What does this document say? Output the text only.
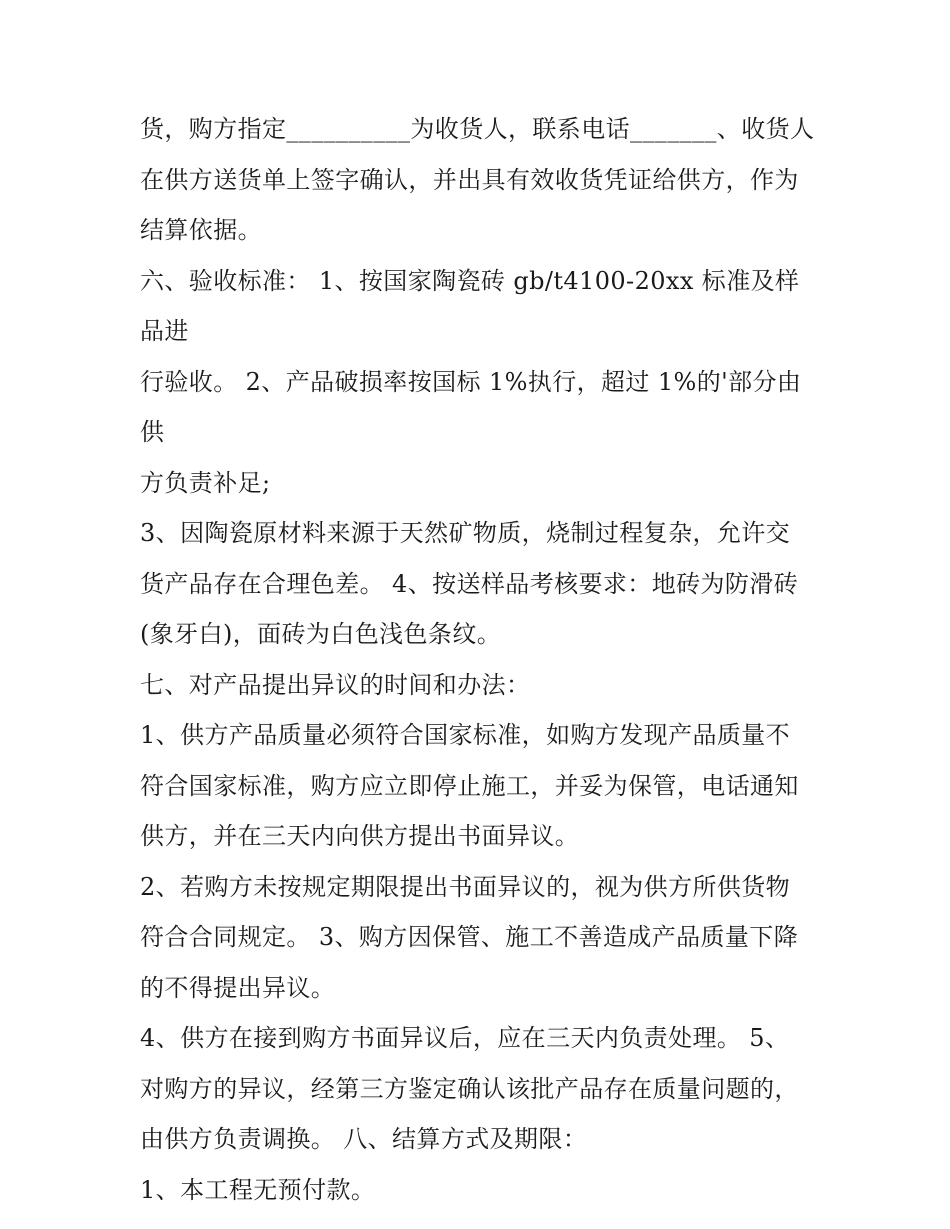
货，购方指定__________为收货人，联系电话_______、收货人
在供方送货单上签字确认，并出具有效收货凭证给供方，作为
结算依据。
六、验收标准： 1、按国家陶瓷砖 gb/t4100-20xx 标准及样品进
行验收。 2、产品破损率按国标 1%执行，超过 1%的'部分由供
方负责补足;
3、因陶瓷原材料来源于天然矿物质，烧制过程复杂，允许交
货产品存在合理色差。 4、按送样品考核要求：地砖为防滑砖
(象牙白)，面砖为白色浅色条纹。
七、对产品提出异议的时间和办法：
1、供方产品质量必须符合国家标准，如购方发现产品质量不
符合国家标准，购方应立即停止施工，并妥为保管，电话通知
供方，并在三天内向供方提出书面异议。
2、若购方未按规定期限提出书面异议的，视为供方所供货物
符合合同规定。 3、购方因保管、施工不善造成产品质量下降
的不得提出异议。
4、供方在接到购方书面异议后，应在三天内负责处理。 5、
对购方的异议，经第三方鉴定确认该批产品存在质量问题的，
由供方负责调换。 八、结算方式及期限：
1、本工程无预付款。
